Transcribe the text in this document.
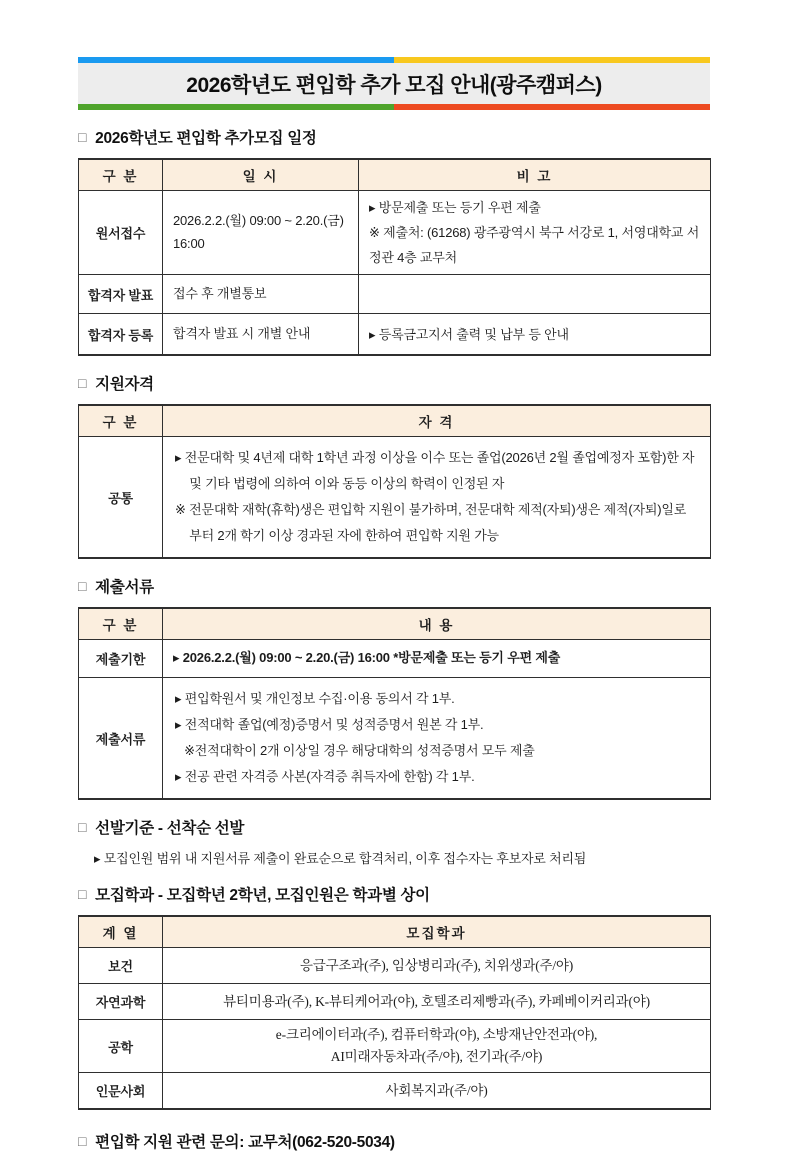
2026학년도 편입학 추가 모집 안내(광주캠퍼스)
□ 2026학년도 편입학 추가모집 일정
구 분	일 시	비 고
원서접수	2026.2.2.(월) 09:00 ~ 2.20.(금) 16:00	▸ 방문제출 또는 등기 우편 제출
※ 제출처: (61268) 광주광역시 북구 서강로 1, 서영대학교 서정관 4층 교무처

합격자 발표	접수 후 개별통보	
합격자 등록	합격자 발표 시 개별 안내	▸ 등록금고지서 출력 및 납부 등 안내
□ 지원자격
구 분	자 격
공통	▸ 전문대학 및 4년제 대학 1학년 과정 이상을 이수 또는 졸업(2026년 2월 졸업예정자 포함)한 자 및 기타 법령에 의하여 이와 동등 이상의 학력이 인정된 자
※ 전문대학 재학(휴학)생은 편입학 지원이 불가하며, 전문대학 제적(자퇴)생은 제적(자퇴)일로부터 2개 학기 이상 경과된 자에 한하여 편입학 지원 가능
□ 제출서류
구 분	내 용
제출기한	▸ 2026.2.2.(월) 09:00 ~ 2.20.(금) 16:00 *방문제출 또는 등기 우편 제출

제출서류	▸ 편입학원서 및 개인정보 수집·이용 동의서 각 1부.
▸ 전적대학 졸업(예정)증명서 및 성적증명서 원본 각 1부.
※전적대학이 2개 이상일 경우 해당대학의 성적증명서 모두 제출
▸ 전공 관련 자격증 사본(자격증 취득자에 한함) 각 1부.
□ 선발기준 - 선착순 선발
▸ 모집인원 범위 내 지원서류 제출이 완료순으로 합격처리, 이후 접수자는 후보자로 처리됨
□ 모집학과 - 모집학년 2학년, 모집인원은 학과별 상이
계 열	모집학과
보건	응급구조과(주), 임상병리과(주), 치위생과(주/야)

자연과학	뷰티미용과(주), K-뷰티케어과(야), 호텔조리제빵과(주), 카페베이커리과(야)

공학	e-크리에이터과(주), 컴퓨터학과(야), 소방재난안전과(야),
AI미래자동차과(주/야), 전기과(주/야)

인문사회	사회복지과(주/야)
□ 편입학 지원 관련 문의: 교무처(062-520-5034)
